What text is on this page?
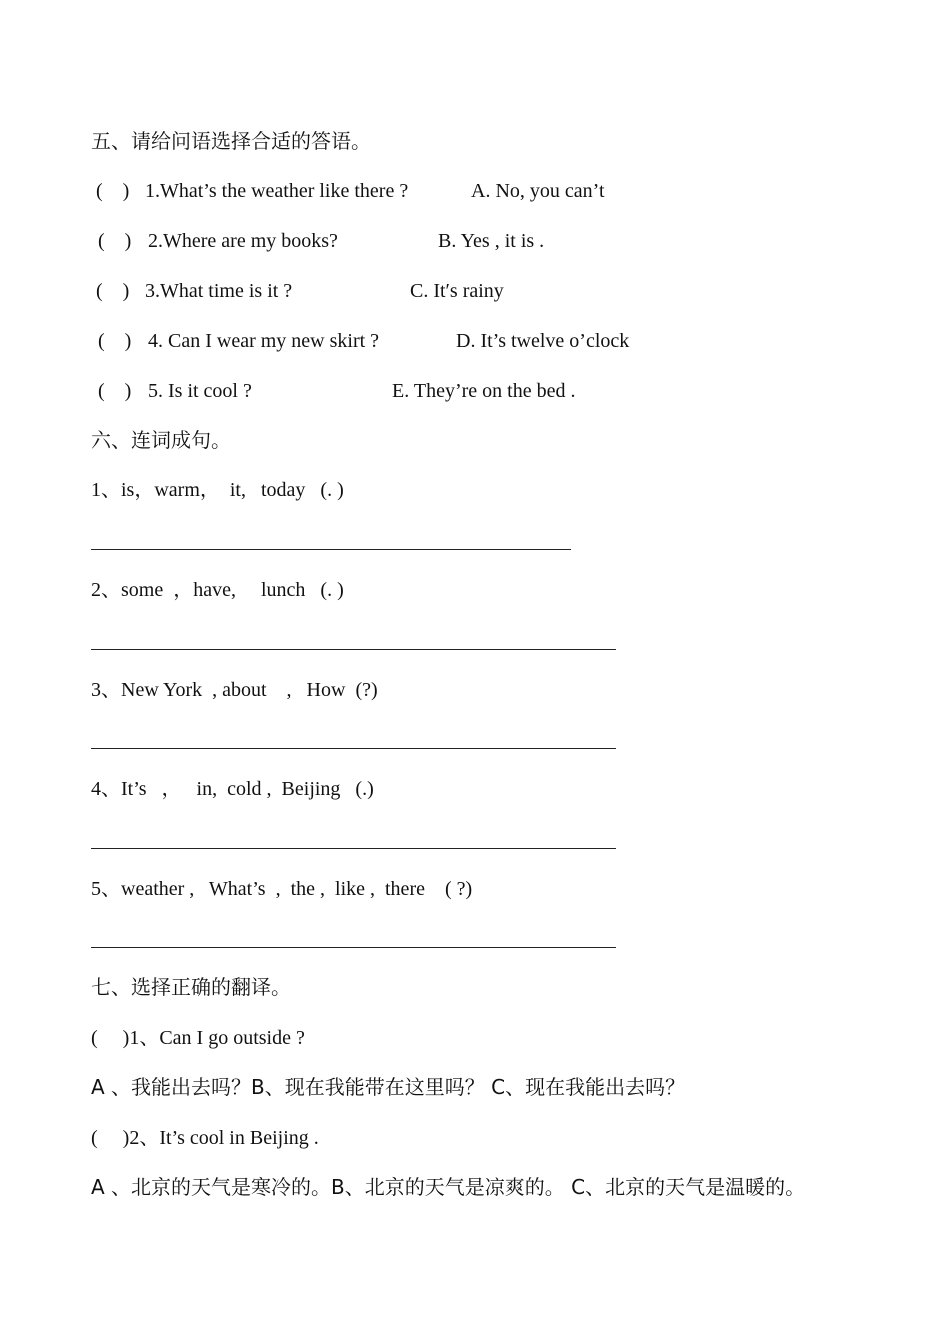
五、请给问语选择合适的答语。
(    ) 1.What’s the weather like there ?	A. No, you can’t
(    ) 2.Where are my books?	B. Yes , it is .
(    ) 3.What time is it ?	C. It′s rainy
(    ) 4. Can I wear my new skirt ?	D. It’s twelve o’clock
(    ) 5. Is it cool ?	E. They’re on the bed .
六、连词成句。
1、is，warm，  it,   today   (. )
2、some  ，have,     lunch   (. )
3、New York  , about    ,   How  (?)
4、It’s   ，   in,  cold ,  Beijing   (.)
5、weather ,   What’s  ,  the ,  like ,  there    ( ?)
七、选择正确的翻译。
(     )1、Can I go outside ?
A 、我能出去吗？B、现在我能带在这里吗？ C、现在我能出去吗？
(     )2、It’s cool in Beijing .
A 、北京的天气是寒冷的。B、北京的天气是凉爽的。 C、北京的天气是温暖的。
